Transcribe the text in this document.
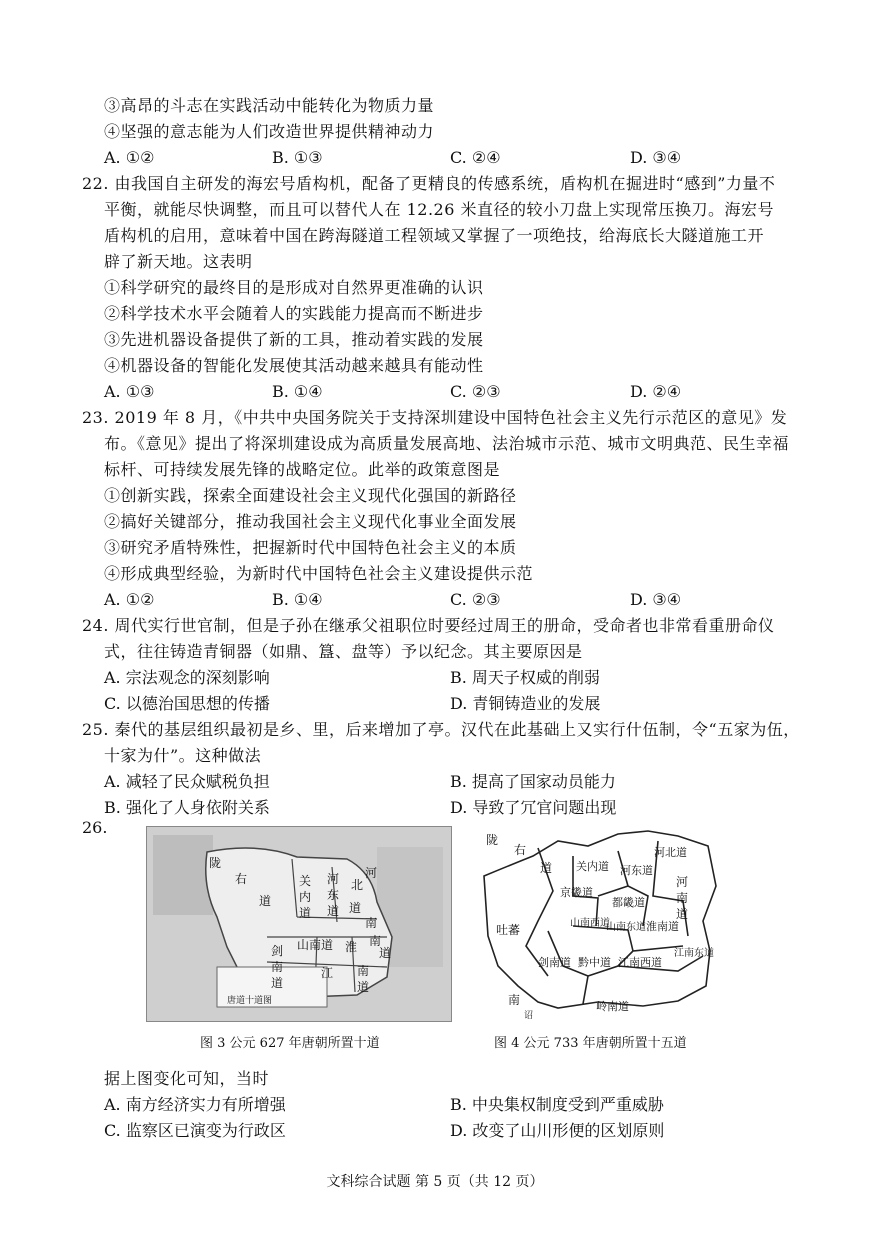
③高昂的斗志在实践活动中能转化为物质力量
④坚强的意志能为人们改造世界提供精神动力
A. ①②	B. ①③	C. ②④	D. ③④
22. 由我国自主研发的海宏号盾构机，配备了更精良的传感系统，盾构机在掘进时“感到”力量不
平衡，就能尽快调整，而且可以替代人在 12.26 米直径的较小刀盘上实现常压换刀。海宏号
盾构机的启用，意味着中国在跨海隧道工程领域又掌握了一项绝技，给海底长大隧道施工开
辟了新天地。这表明
①科学研究的最终目的是形成对自然界更准确的认识
②科学技术水平会随着人的实践能力提高而不断进步
③先进机器设备提供了新的工具，推动着实践的发展
④机器设备的智能化发展使其活动越来越具有能动性
A. ①③	B. ①④	C. ②③	D. ②④
23. 2019 年 8 月，《中共中央国务院关于支持深圳建设中国特色社会主义先行示范区的意见》发
布。《意见》提出了将深圳建设成为高质量发展高地、法治城市示范、城市文明典范、民生幸福
标杆、可持续发展先锋的战略定位。此举的政策意图是
①创新实践，探索全面建设社会主义现代化强国的新路径
②搞好关键部分，推动我国社会主义现代化事业全面发展
③研究矛盾特殊性，把握新时代中国特色社会主义的本质
④形成典型经验，为新时代中国特色社会主义建设提供示范
A. ①②	B. ①④	C. ②③	D. ③④
24. 周代实行世官制，但是子孙在继承父祖职位时要经过周王的册命，受命者也非常看重册命仪
式，往往铸造青铜器（如鼎、簋、盘等）予以纪念。其主要原因是
A. 宗法观念的深刻影响	B. 周天子权威的削弱
C. 以德治国思想的传播	D. 青铜铸造业的发展
25. 秦代的基层组织最初是乡、里，后来增加了亭。汉代在此基础上又实行什伍制，令“五家为伍，
十家为什”。这种做法
A. 减轻了民众赋税负担	B. 提高了国家动员能力
B. 强化了人身依附关系	D. 导致了冗官问题出现
26.
陇
右
道
关
内
道
河
东
道
北
河
南
道
山南道 淮 南
剑
南	江 南
道	道
道
唐道十道图
陇
右
道 关内道 河东道
河北道
河
南
道
京畿道
都畿道
山南西道
山南东道 淮南道
吐蕃
剑南道 黔中道 江南西道
江南东道
岭南道
南
诏
图 3 公元 627 年唐朝所置十道	图 4 公元 733 年唐朝所置十五道
据上图变化可知，当时
A. 南方经济实力有所增强	B. 中央集权制度受到严重威胁
C. 监察区已演变为行政区	D. 改变了山川形便的区划原则
文科综合试题 第 5 页（共 12 页）
